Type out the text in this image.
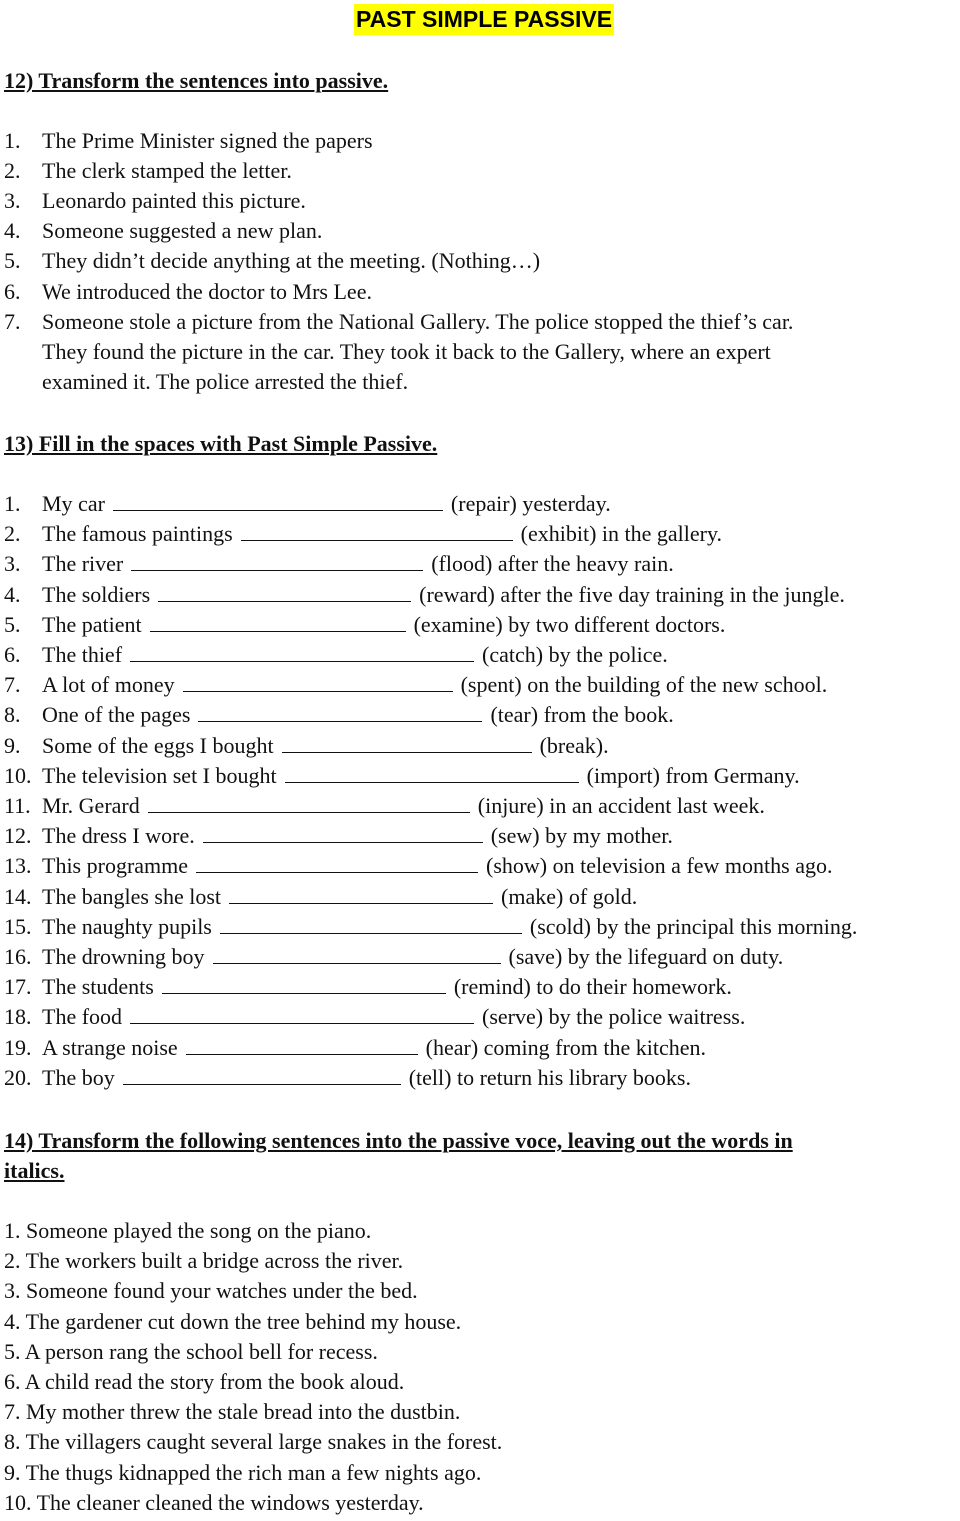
PAST SIMPLE PASSIVE
12) Transform the sentences into passive.
1. The Prime Minister signed the papers
2. The clerk stamped the letter.
3. Leonardo painted this picture.
4. Someone suggested a new plan.
5. They didn’t decide anything at the meeting. (Nothing…)
6. We introduced the doctor to Mrs Lee.
7. Someone stole a picture from the National Gallery. The police stopped the thief’s car.
They found the picture in the car. They took it back to the Gallery, where an expert
examined it. The police arrested the thief.
13) Fill in the spaces with Past Simple Passive.
1. My car	(repair) yesterday.
2. The famous paintings	(exhibit) in the gallery.
3. The river	(flood) after the heavy rain.
4. The soldiers	(reward) after the five day training in the jungle.
5. The patient	(examine) by two different doctors.
6. The thief	(catch) by the police.
7. A lot of money	(spent) on the building of the new school.
8. One of the pages	(tear) from the book.
9. Some of the eggs I bought	(break).
10. The television set I bought	(import) from Germany.
11. Mr. Gerard	(injure) in an accident last week.
12. The dress I wore.	(sew) by my mother.
13. This programme	(show) on television a few months ago.
14. The bangles she lost	(make) of gold.
15. The naughty pupils	(scold) by the principal this morning.
16. The drowning boy	(save) by the lifeguard on duty.
17. The students	(remind) to do their homework.
18. The food	(serve) by the police waitress.
19. A strange noise	(hear) coming from the kitchen.
20. The boy	(tell) to return his library books.
14) Transform the following sentences into the passive voce, leaving out the words in
italics.
1. Someone played the song on the piano.
2. The workers built a bridge across the river.
3. Someone found your watches under the bed.
4. The gardener cut down the tree behind my house.
5. A person rang the school bell for recess.
6. A child read the story from the book aloud.
7. My mother threw the stale bread into the dustbin.
8. The villagers caught several large snakes in the forest.
9. The thugs kidnapped the rich man a few nights ago.
10. The cleaner cleaned the windows yesterday.
